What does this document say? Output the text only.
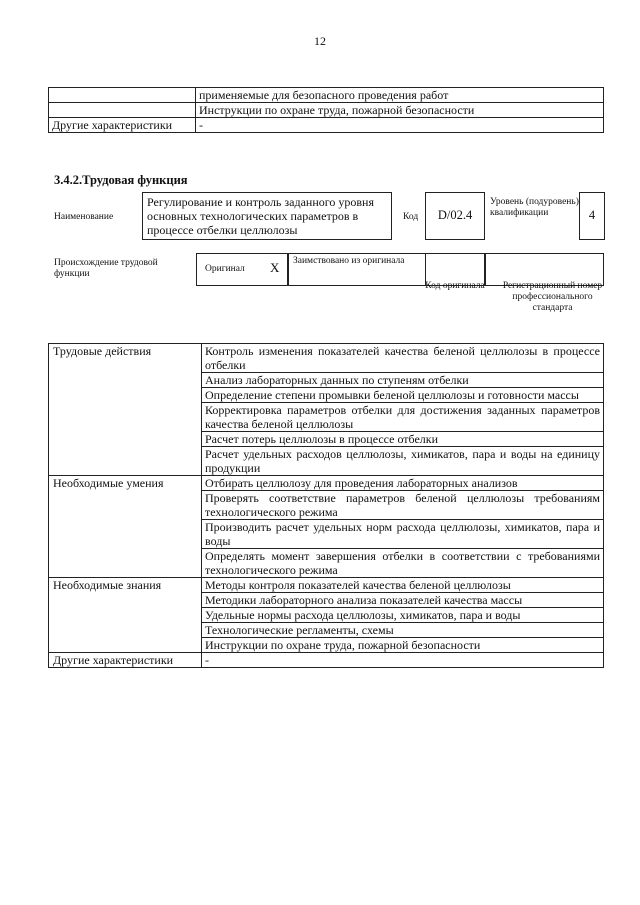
12
	применяемые для безопасного проведения работ
	Инструкции по охране труда, пожарной безопасности
Другие характеристики	-
3.4.2.Трудовая функция
Наименование
Регулирование и контроль заданного уровня основных технологических параметров в процессе отбелки целлюлозы
Код	D/02.4
Уровень (подуровень) квалификации	4
Происхождение трудовой функции	Оригинал X Заимствовано из оригинала
Код оригинала	Регистрационный номер профессионального стандарта
Трудовые действия	Контроль изменения показателей качества беленой целлюлозы в процессе отбелки
	Анализ лабораторных данных по ступеням отбелки
	Определение степени промывки беленой целлюлозы и готовности массы
	Корректировка параметров отбелки для достижения заданных параметров качества беленой целлюлозы
	Расчет потерь целлюлозы в процессе отбелки
	Расчет удельных расходов целлюлозы, химикатов, пара и воды на единицу продукции
Необходимые умения	Отбирать целлюлозу для проведения лабораторных анализов
	Проверять соответствие параметров беленой целлюлозы требованиям технологического режима
	Производить расчет удельных норм расхода целлюлозы, химикатов, пара и воды
	Определять момент завершения отбелки в соответствии с требованиями технологического режима
Необходимые знания	Методы контроля показателей качества беленой целлюлозы
	Методики лабораторного анализа показателей качества массы
	Удельные нормы расхода целлюлозы, химикатов, пара и воды
	Технологические регламенты, схемы
	Инструкции по охране труда, пожарной безопасности
Другие характеристики	-
